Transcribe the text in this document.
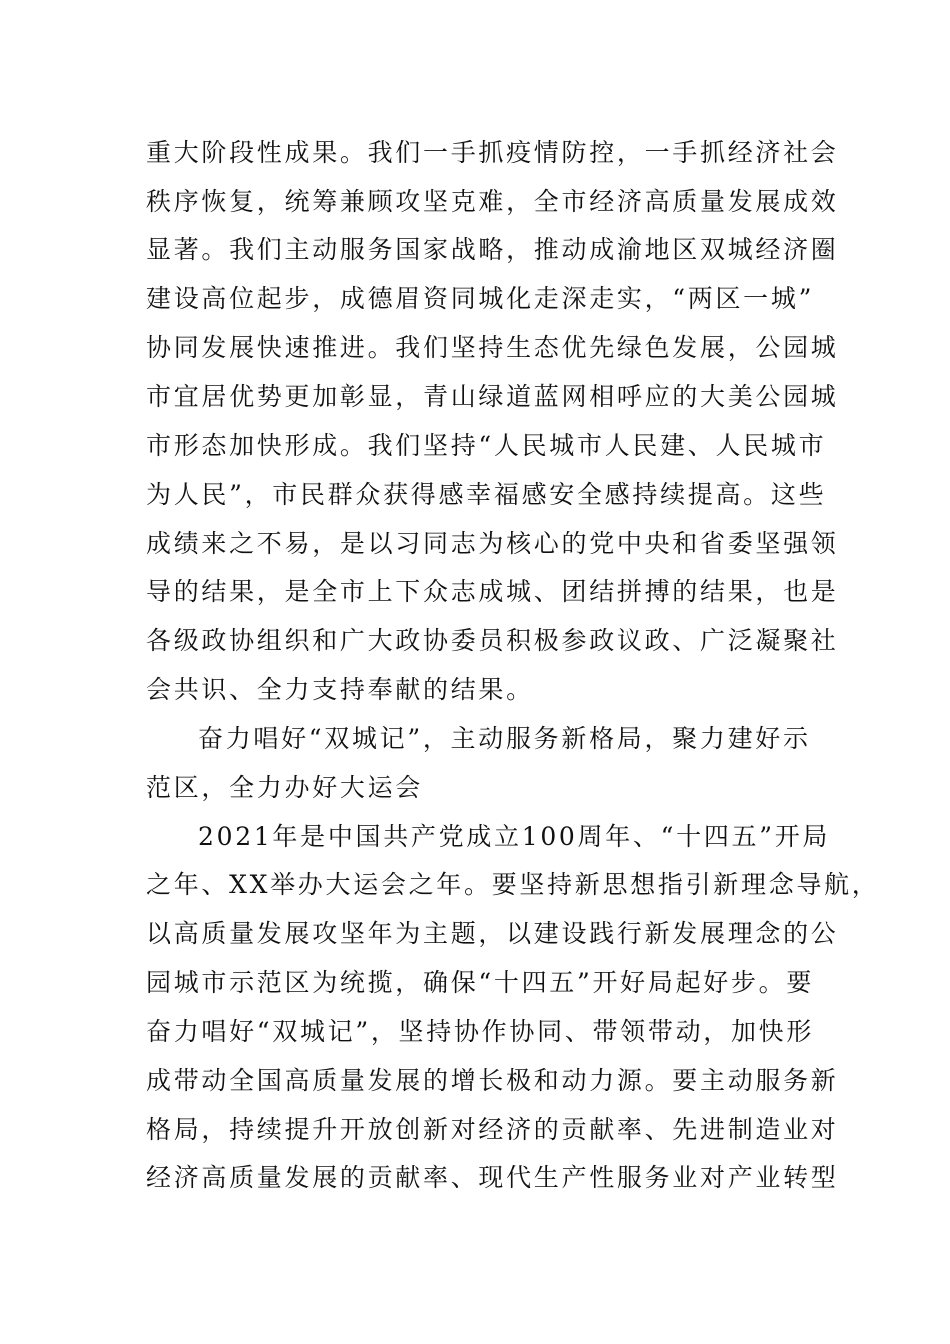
重大阶段性成果。我们一手抓疫情防控，一手抓经济社会
秩序恢复，统筹兼顾攻坚克难，全市经济高质量发展成效
显著。我们主动服务国家战略，推动成渝地区双城经济圈
建设高位起步，成德眉资同城化走深走实，“两区一城”
协同发展快速推进。我们坚持生态优先绿色发展，公园城
市宜居优势更加彰显，青山绿道蓝网相呼应的大美公园城
市形态加快形成。我们坚持“人民城市人民建、人民城市
为人民”，市民群众获得感幸福感安全感持续提高。这些
成绩来之不易，是以习同志为核心的党中央和省委坚强领
导的结果，是全市上下众志成城、团结拼搏的结果，也是
各级政协组织和广大政协委员积极参政议政、广泛凝聚社
会共识、全力支持奉献的结果。
奋力唱好“双城记”，主动服务新格局，聚力建好示
范区，全力办好大运会
2021年是中国共产党成立100周年、“十四五”开局
之年、XX举办大运会之年。要坚持新思想指引新理念导航，
以高质量发展攻坚年为主题，以建设践行新发展理念的公
园城市示范区为统揽，确保“十四五”开好局起好步。要
奋力唱好“双城记”，坚持协作协同、带领带动，加快形
成带动全国高质量发展的增长极和动力源。要主动服务新
格局，持续提升开放创新对经济的贡献率、先进制造业对
经济高质量发展的贡献率、现代生产性服务业对产业转型
